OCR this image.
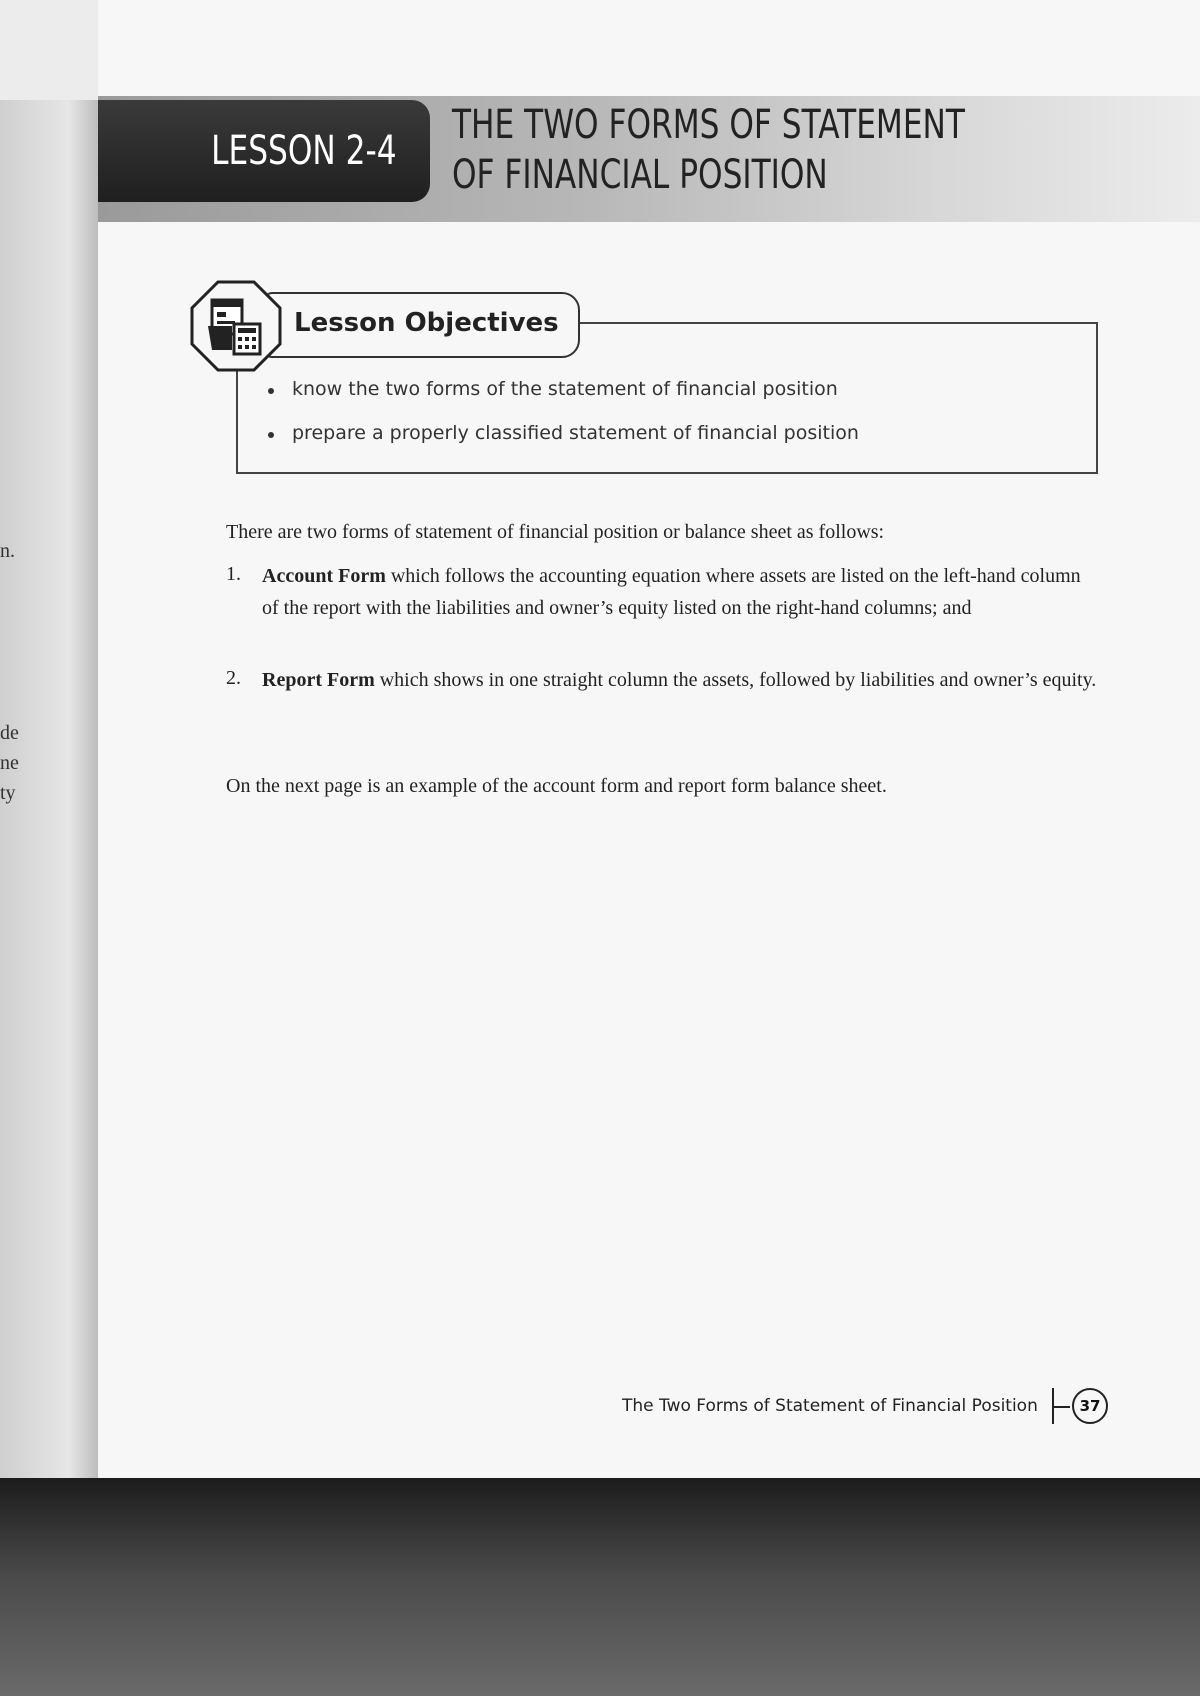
n.
de
ne
ty
LESSON 2-4
THE TWO FORMS OF STATEMENT
OF FINANCIAL POSITION
Lesson Objectives
know the two forms of the statement of financial position
prepare a properly classified statement of financial position
There are two forms of statement of financial position or balance sheet as follows:
1. Account Form which follows the accounting equation where assets are listed on the left-hand column of the report with the liabilities and owner’s equity listed on the right-hand columns; and
2. Report Form which shows in one straight column the assets, followed by liabilities and owner’s equity.
On the next page is an example of the account form and report form balance sheet.
The Two Forms of Statement of Financial Position	37
